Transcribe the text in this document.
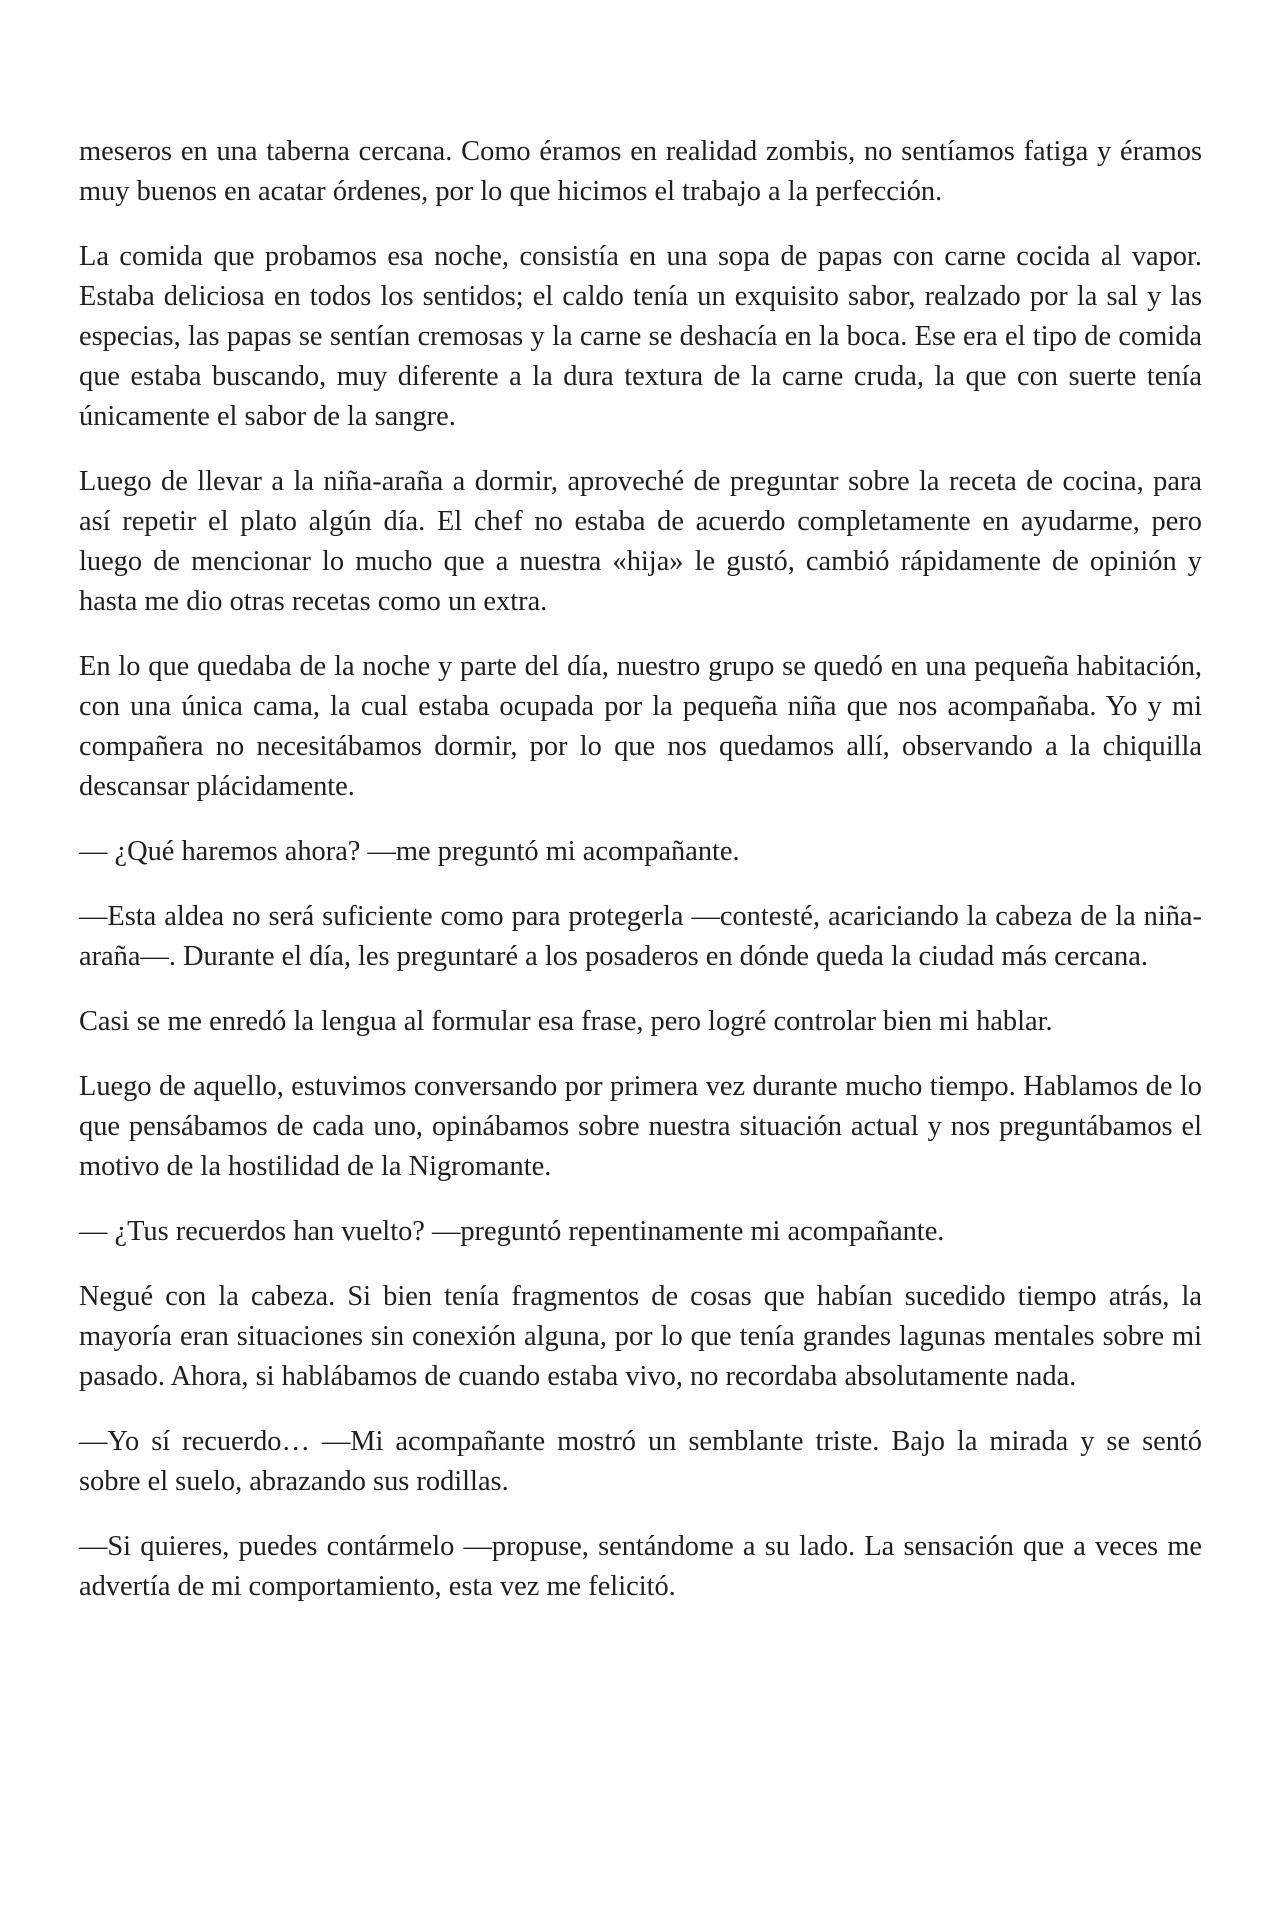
meseros en una taberna cercana. Como éramos en realidad zombis, no sentíamos fatiga y éramos muy buenos en acatar órdenes, por lo que hicimos el trabajo a la perfección.

La comida que probamos esa noche, consistía en una sopa de papas con carne cocida al vapor. Estaba deliciosa en todos los sentidos; el caldo tenía un exquisito sabor, realzado por la sal y las especias, las papas se sentían cremosas y la carne se deshacía en la boca. Ese era el tipo de comida que estaba buscando, muy diferente a la dura textura de la carne cruda, la que con suerte tenía únicamente el sabor de la sangre.

Luego de llevar a la niña-araña a dormir, aproveché de preguntar sobre la receta de cocina, para así repetir el plato algún día. El chef no estaba de acuerdo completamente en ayudarme, pero luego de mencionar lo mucho que a nuestra «hija» le gustó, cambió rápidamente de opinión y hasta me dio otras recetas como un extra.

En lo que quedaba de la noche y parte del día, nuestro grupo se quedó en una pequeña habitación, con una única cama, la cual estaba ocupada por la pequeña niña que nos acompañaba. Yo y mi compañera no necesitábamos dormir, por lo que nos quedamos allí, observando a la chiquilla descansar plácidamente.

— ¿Qué haremos ahora? —me preguntó mi acompañante.

—Esta aldea no será suficiente como para protegerla —contesté, acariciando la cabeza de la niña-araña—. Durante el día, les preguntaré a los posaderos en dónde queda la ciudad más cercana.

Casi se me enredó la lengua al formular esa frase, pero logré controlar bien mi hablar.

Luego de aquello, estuvimos conversando por primera vez durante mucho tiempo. Hablamos de lo que pensábamos de cada uno, opinábamos sobre nuestra situación actual y nos preguntábamos el motivo de la hostilidad de la Nigromante.

— ¿Tus recuerdos han vuelto? —preguntó repentinamente mi acompañante.

Negué con la cabeza. Si bien tenía fragmentos de cosas que habían sucedido tiempo atrás, la mayoría eran situaciones sin conexión alguna, por lo que tenía grandes lagunas mentales sobre mi pasado. Ahora, si hablábamos de cuando estaba vivo, no recordaba absolutamente nada.

—Yo sí recuerdo… —Mi acompañante mostró un semblante triste. Bajo la mirada y se sentó sobre el suelo, abrazando sus rodillas.

—Si quieres, puedes contármelo —propuse, sentándome a su lado. La sensación que a veces me advertía de mi comportamiento, esta vez me felicitó.
